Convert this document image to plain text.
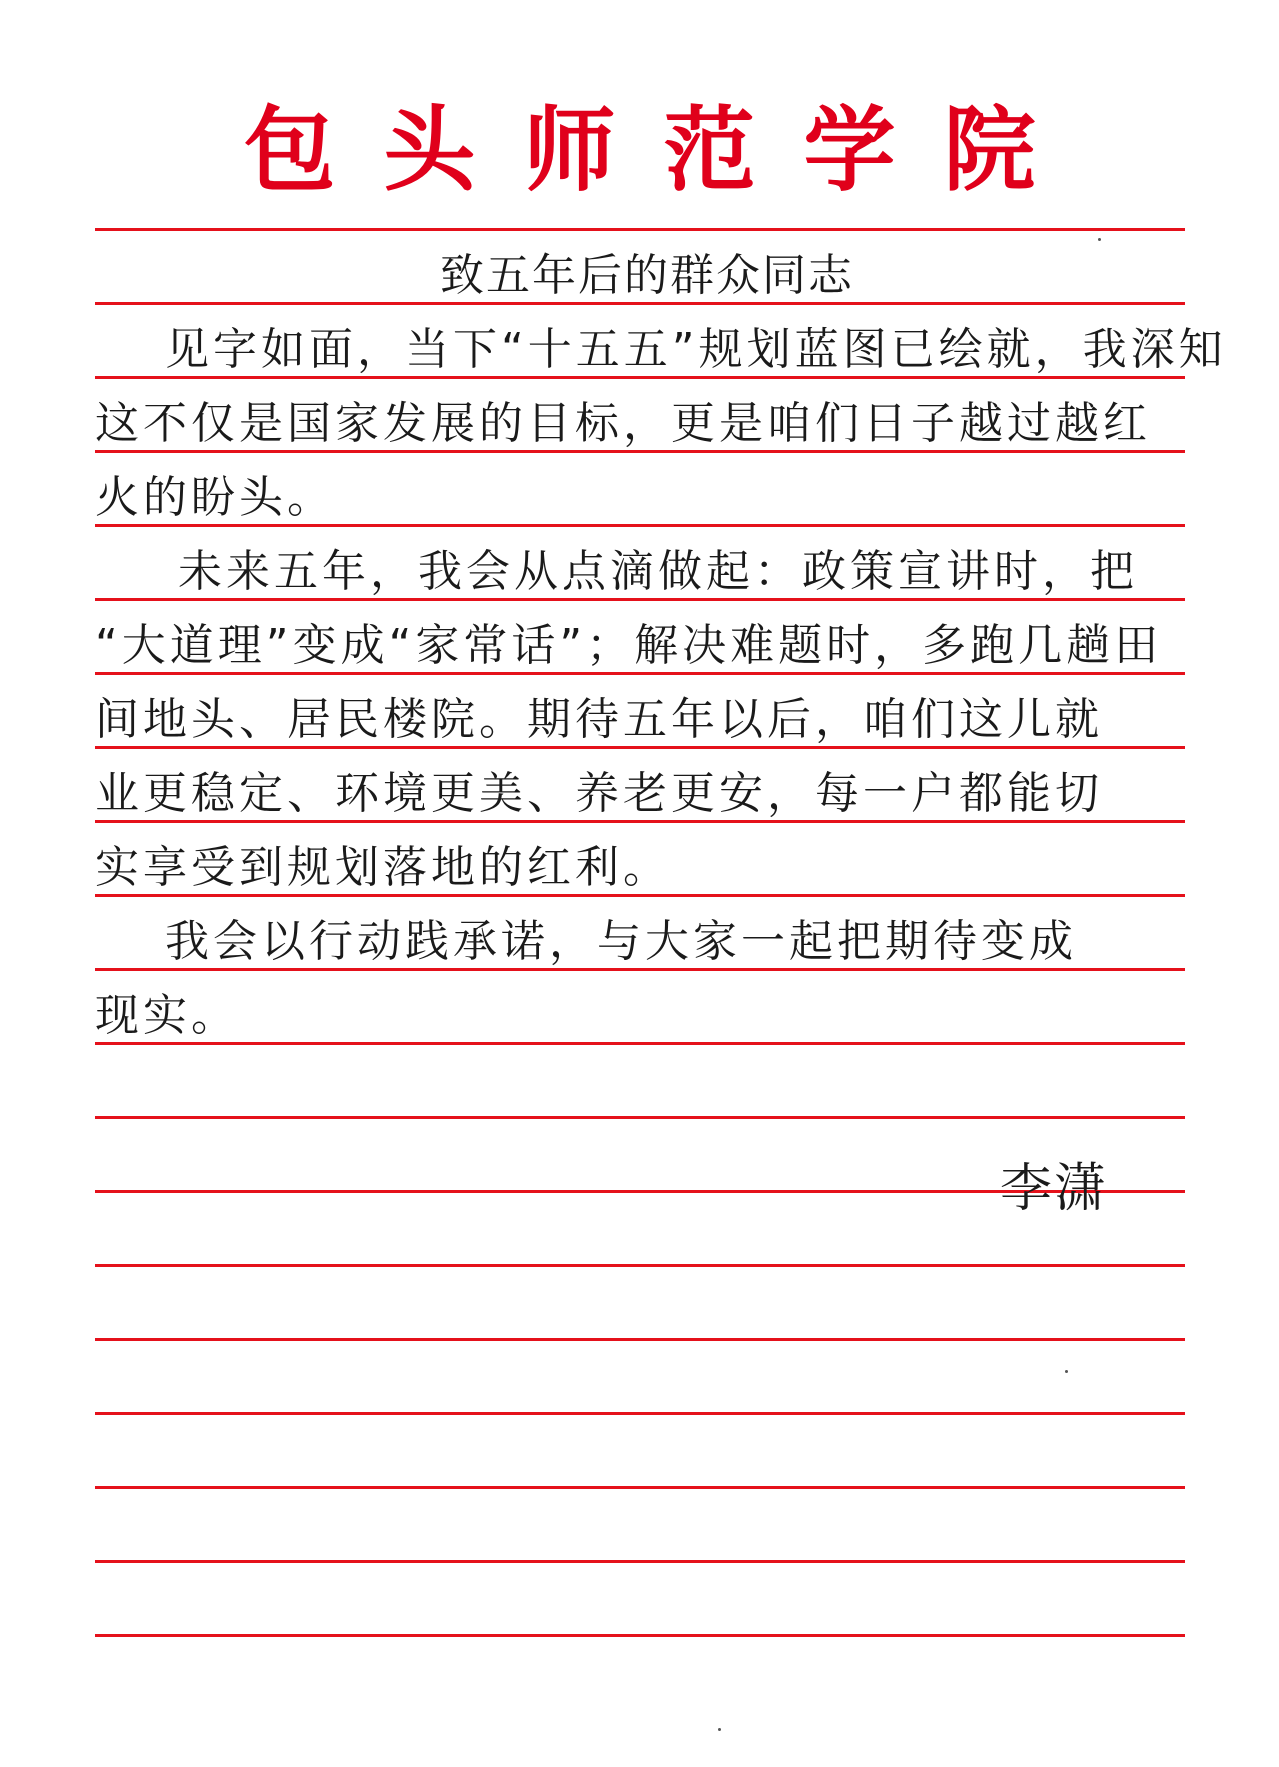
包头师范学院
致五年后的群众同志
见字如面，当下“十五五”规划蓝图已绘就，我深知
这不仅是国家发展的目标，更是咱们日子越过越红
火的盼头。
未来五年，我会从点滴做起：政策宣讲时，把
“大道理”变成“家常话”；解决难题时，多跑几趟田
间地头、居民楼院。期待五年以后，咱们这儿就
业更稳定、环境更美、养老更安，每一户都能切
实享受到规划落地的红利。
我会以行动践承诺，与大家一起把期待变成
现实。
李潇
